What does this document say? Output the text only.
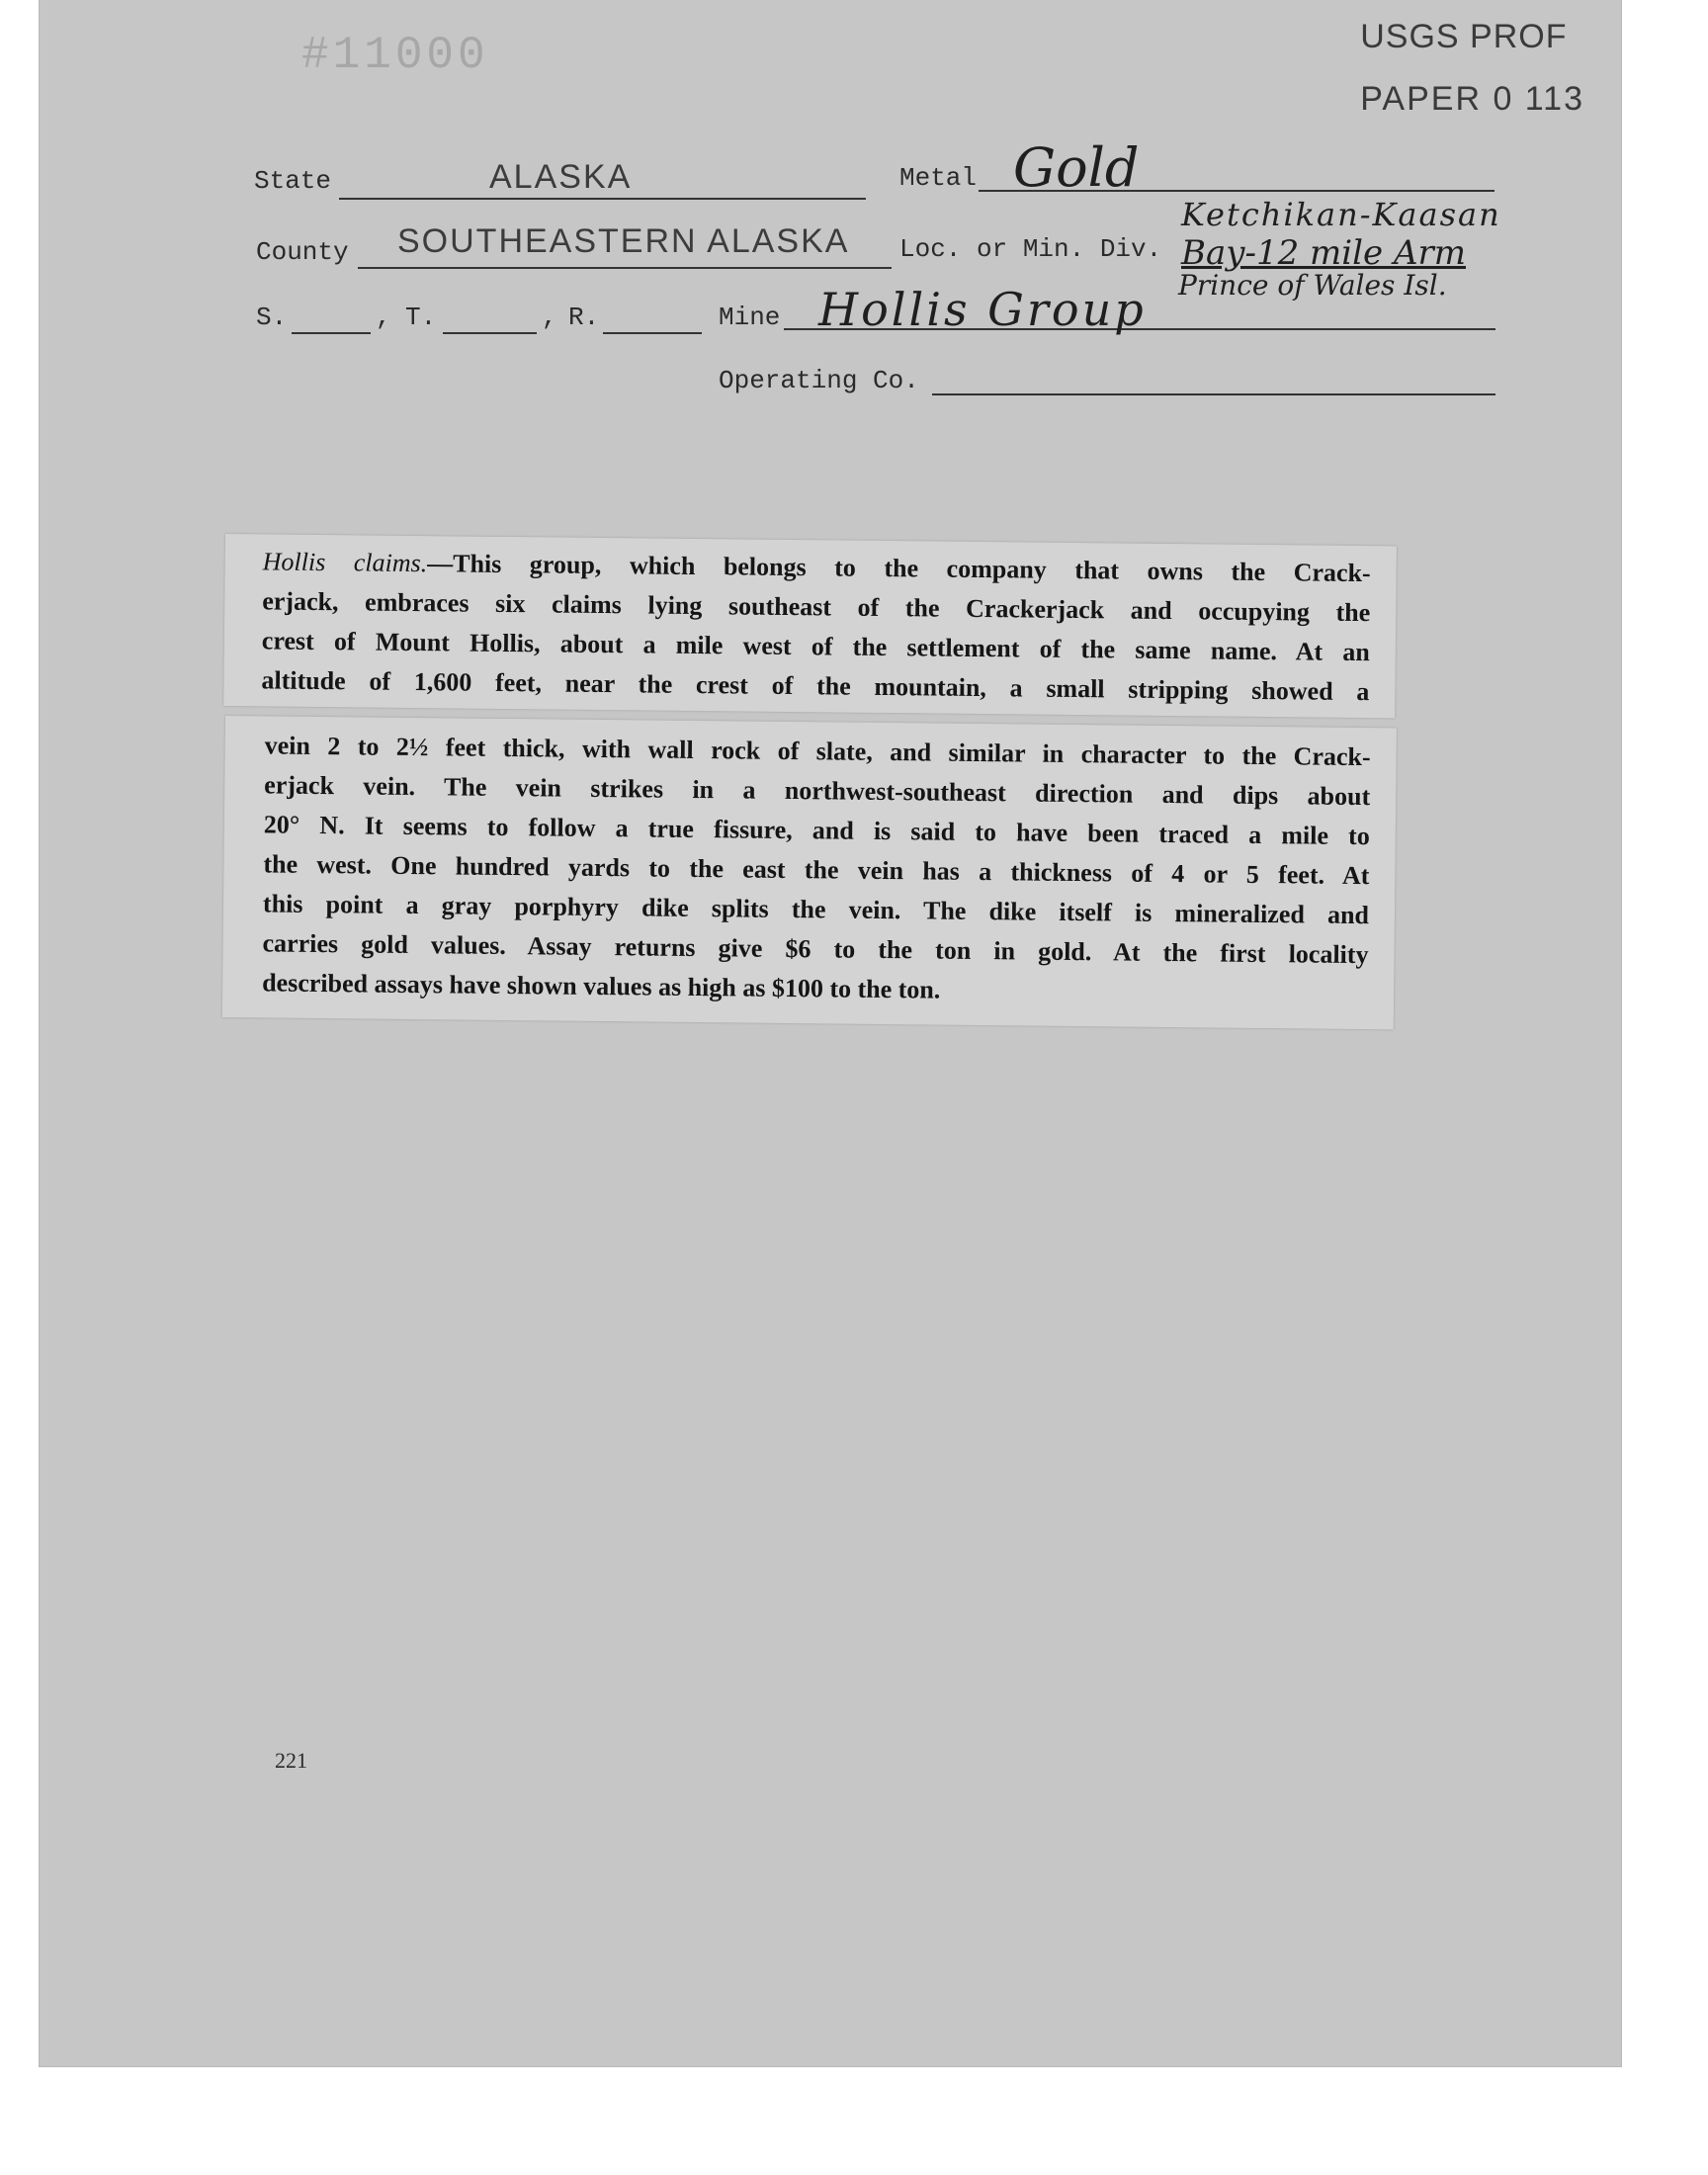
#11000	USGS PROF
PAPER 0 113
State	ALASKA	Metal Gold
County SOUTHEASTERN ALASKA Loc. or Min. Div.
Ketchikan-Kaasan
Bay-12 mile Arm
Prince of Wales Isl.
S.	, T.	, R.	Mine Hollis Group
Operating Co.

Hollis claims.—This group, which belongs to the company that owns the Crack-

erjack, embraces six claims lying southeast of the Crackerjack and occupying the

crest of Mount Hollis, about a mile west of the settlement of the same name. At an

altitude of 1,600 feet, near the crest of the mountain, a small stripping showed a

vein 2 to 2½ feet thick, with wall rock of slate, and similar in character to the Crack-

erjack vein. The vein strikes in a northwest-southeast direction and dips about

20° N. It seems to follow a true fissure, and is said to have been traced a mile to

the west. One hundred yards to the east the vein has a thickness of 4 or 5 feet. At

this point a gray porphyry dike splits the vein. The dike itself is mineralized and

carries gold values. Assay returns give $6 to the ton in gold. At the first locality

described assays have shown values as high as $100 to the ton.

221
